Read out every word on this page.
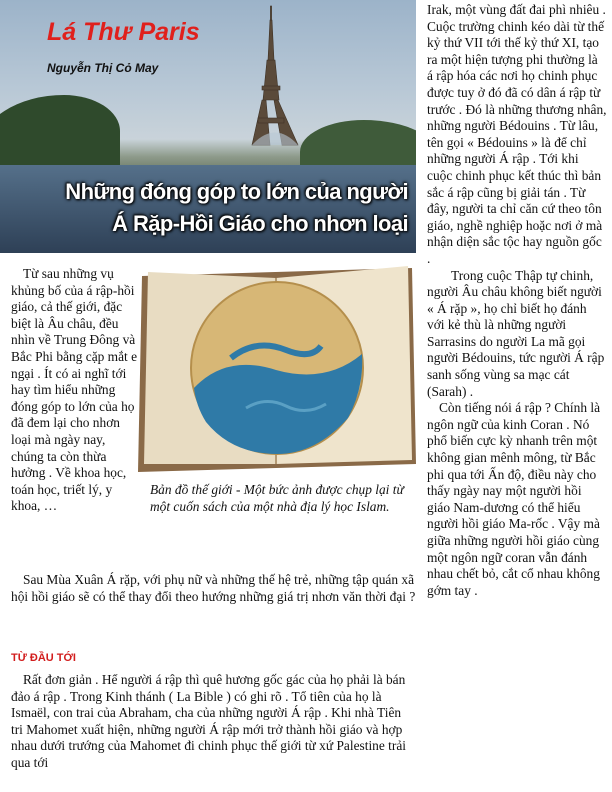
Lá Thư Paris
Nguyễn Thị Cỏ May
Những đóng góp to lớn của người
Á Rặp-Hồi Giáo cho nhơn loại
Bản đồ thế giới - Một bức ảnh được chụp lại từ một cuốn sách của một nhà địa lý học Islam.

Từ sau những vụ khủng bố của á rập-hồi giáo, cả thế giới, đặc biệt là Âu châu, đều nhìn về Trung Đông và Bắc Phi bằng cặp mắt e ngại . Ít có ai nghĩ tới hay tìm hiểu những đóng góp to lớn của họ đã đem lại cho nhơn loại mà ngày nay, chúng ta còn thừa hưởng . Về khoa học, toán học, triết lý, y khoa, …

Sau Mùa Xuân Á rặp, với phụ nữ và những thế hệ trẻ, những tập quán xã hội hồi giáo sẽ có thể thay đổi theo hướng những giá trị nhơn văn thời đại ?

TỪ ĐẦU TỚI

Rất đơn giản . Hể người á rập thì quê hương gốc gác của họ phải là bán đảo á rập . Trong Kinh thánh ( La Bible ) có ghi rõ . Tổ tiên của họ là Ismaël, con trai của Abraham, cha của những người Á rập . Khi nhà Tiên tri Mahomet xuất hiện, những người Á rập mới trở thành hồi giáo và hợp nhau dưới trướng của Mahomet đi chinh phục thế giới từ xứ Palestine trải qua tới

Irak, một vùng đất đai phì nhiêu . Cuộc trường chinh kéo dài từ thế kỷ thứ VII tới thế kỷ thứ XI, tạo ra một hiện tượng phi thường là á rập hóa các nơi họ chinh phục được tuy ở đó đã có dân á rập từ trước . Đó là những thương nhân, những người Bédouins . Từ lâu, tên gọi « Bédouins » là để chỉ những người Á rập . Tới khi cuộc chinh phục kết thúc thì bản sắc á rập cũng bị giải tán . Từ đây, người ta chỉ căn cứ theo tôn giáo, nghề nghiệp hoặc nơi ở mà nhận diện sắc tộc hay nguồn gốc .

Trong cuộc Thập tự chinh, người Âu châu không biết người « Á rặp », họ chỉ biết họ đánh với kẻ thù là những người Sarrasins do người La mã gọi người Bédouins, tức người Á rập sanh sống vùng sa mạc cát (Sarah) .

Còn tiếng nói á rập ? Chính là ngôn ngữ của kinh Coran . Nó phổ biến cực kỳ nhanh trên một không gian mênh mông, từ Bắc phi qua tới Ấn độ, điều này cho thấy ngày nay một người hồi giáo Nam-dương có thể hiểu người hồi giáo Ma-rốc . Vậy mà giữa những người hồi giáo cùng một ngôn ngữ coran vẫn đánh nhau chết bỏ, cắt cổ nhau không gớm tay .
